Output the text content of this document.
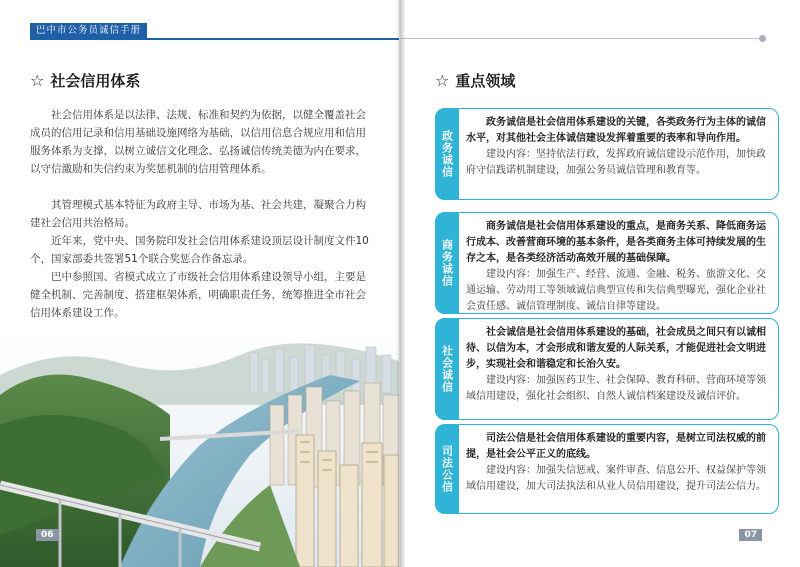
巴中市公务员诚信手册
☆ 社会信用体系

社会信用体系是以法律、法规、标准和契约为依据，以健全覆盖社会成员的信用记录和信用基础设施网络为基础，以信用信息合规应用和信用服务体系为支撑，以树立诚信文化理念、弘扬诚信传统美德为内在要求，以守信激励和失信约束为奖惩机制的信用管理体系。

其管理模式基本特征为政府主导、市场为基、社会共建，凝聚合力构建社会信用共治格局。

近年来，党中央、国务院印发社会信用体系建设顶层设计制度文件10个，国家部委共签署51个联合奖惩合作备忘录。

巴中参照国、省模式成立了市级社会信用体系建设领导小组，主要是健全机制、完善制度、搭建框架体系，明确职责任务，统筹推进全市社会信用体系建设工作。

06
☆ 重点领域
政务诚信

政务诚信是社会信用体系建设的关键，各类政务行为主体的诚信水平，对其他社会主体诚信建设发挥着重要的表率和导向作用。

建设内容：坚持依法行政，发挥政府诚信建设示范作用，加快政府守信践诺机制建设，加强公务员诚信管理和教育等。

商务诚信

商务诚信是社会信用体系建设的重点，是商务关系、降低商务运行成本、改善营商环境的基本条件，是各类商务主体可持续发展的生存之本，是各类经济活动高效开展的基础保障。

建设内容：加强生产、经营、流通、金融、税务、旅游文化、交通运输、劳动用工等领域诚信典型宣传和失信典型曝光，强化企业社会责任感、诚信管理制度、诚信自律等建设。

社会诚信

社会诚信是社会信用体系建设的基础，社会成员之间只有以诚相待、以信为本，才会形成和谐友爱的人际关系，才能促进社会文明进步，实现社会和谐稳定和长治久安。

建设内容：加强医药卫生、社会保障、教育科研、营商环境等领域信用建设，强化社会组织、自然人诚信档案建设及诚信评价。

司法公信

司法公信是社会信用体系建设的重要内容，是树立司法权威的前提，是社会公平正义的底线。

建设内容：加强失信惩戒、案件审查、信息公开、权益保护等领域信用建设，加大司法执法和从业人员信用建设，提升司法公信力。

07
